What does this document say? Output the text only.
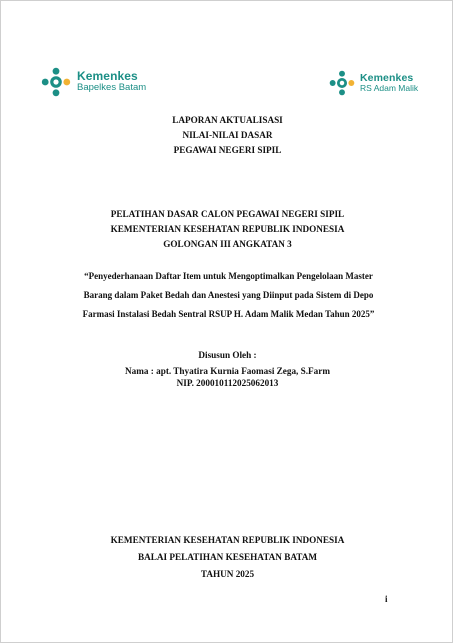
Kemenkes
Bapelkes Batam
Kemenkes
RS Adam Malik
LAPORAN AKTUALISASI
NILAI-NILAI DASAR
PEGAWAI NEGERI SIPIL
PELATIHAN DASAR CALON PEGAWAI NEGERI SIPIL
KEMENTERIAN KESEHATAN REPUBLIK INDONESIA
GOLONGAN III ANGKATAN 3
“Penyederhanaan Daftar Item untuk Mengoptimalkan Pengelolaan Master
Barang dalam Paket Bedah dan Anestesi yang Diinput pada Sistem di Depo
Farmasi Instalasi Bedah Sentral RSUP H. Adam Malik Medan Tahun 2025”
Disusun Oleh :
Nama : apt. Thyatira Kurnia Faomasi Zega, S.Farm
NIP. 200010112025062013
KEMENTERIAN KESEHATAN REPUBLIK INDONESIA
BALAI PELATIHAN KESEHATAN BATAM
TAHUN 2025
i
